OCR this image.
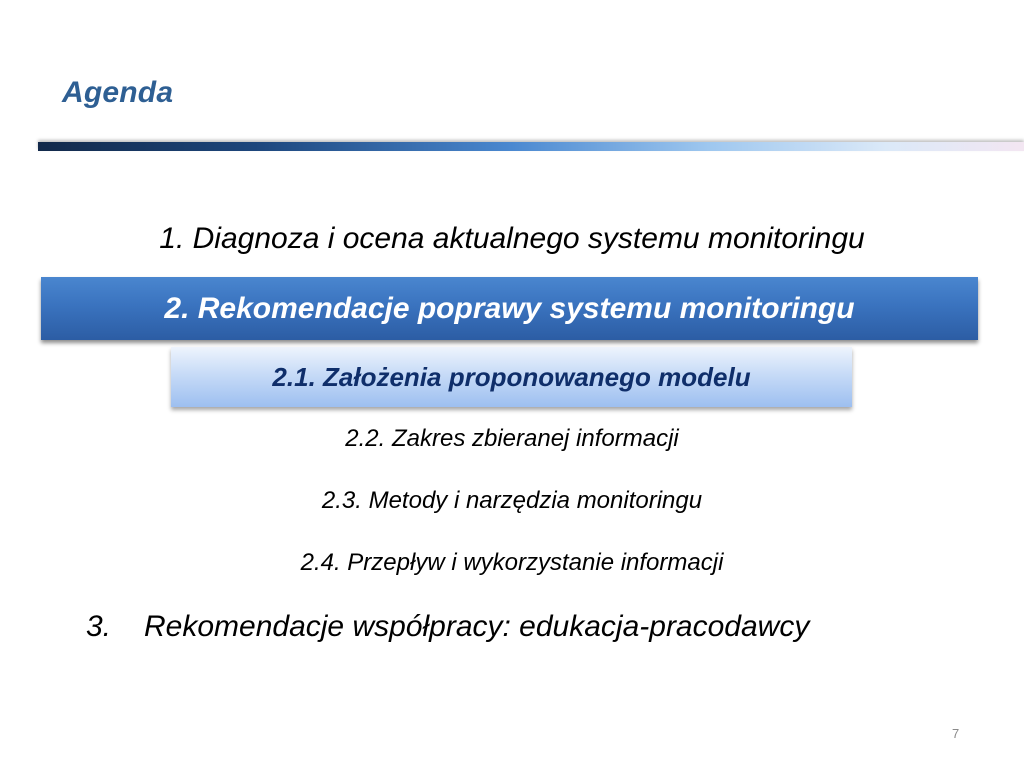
Agenda
1. Diagnoza i ocena aktualnego systemu monitoringu
2. Rekomendacje poprawy systemu monitoringu
2.1. Założenia proponowanego modelu
2.2. Zakres zbieranej informacji
2.3. Metody i narzędzia monitoringu
2.4. Przepływ i wykorzystanie informacji
3. Rekomendacje współpracy: edukacja-pracodawcy
7
